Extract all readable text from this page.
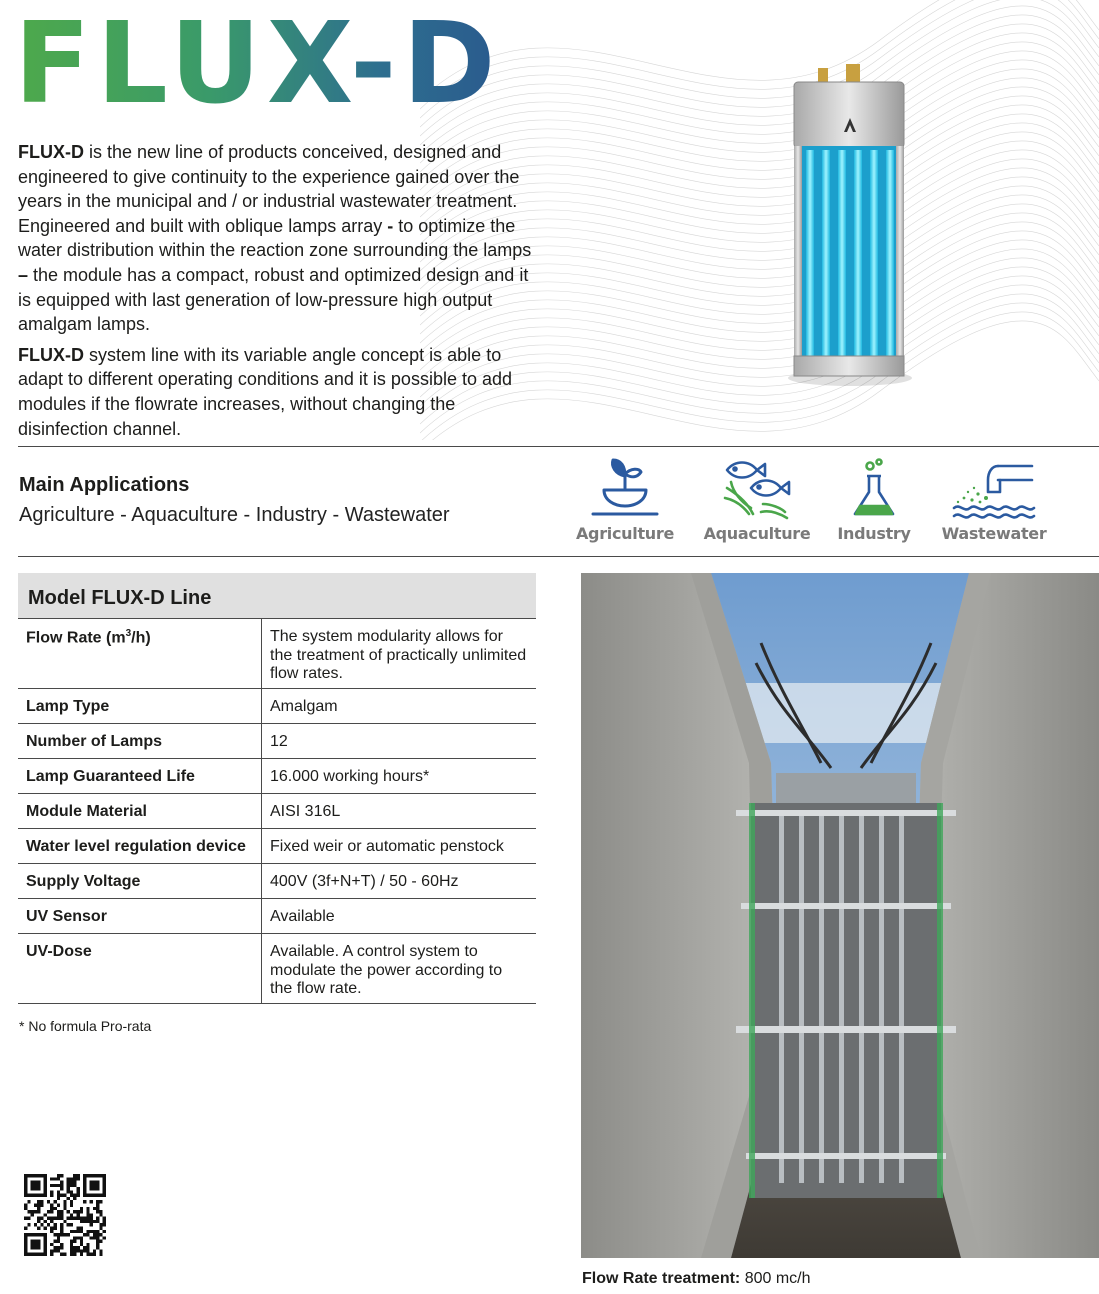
FLUX-D

FLUX-D is the new line of products conceived, designed and engineered to give continuity to the experience gained over the years in the municipal and / or industrial wastewater treatment. Engineered and built with oblique lamps array - to optimize the water distribution within the reaction zone surrounding the lamps – the module has a compact, robust and optimized design and it is equipped with last generation of low-pressure high output amalgam lamps.

FLUX-D system line with its variable angle concept is able to adapt to different operating conditions and it is possible to add modules if the flowrate increases, without changing the disinfection channel.

Main Applications
Agriculture - Aquaculture - Industry - Wastewater
Agriculture	Aquaculture	Industry	Wastewater
Model FLUX-D Line
Flow Rate $(m^3/h)$	The system modularity allows for the treatment of practically unlimited flow rates.
Lamp Type	Amalgam
Number of Lamps	12
Lamp Guaranteed Life	16.000 working hours*
Module Material	AISI 316L
Water level regulation device	Fixed weir or automatic penstock
Supply Voltage	400V (3f+N+T) / 50 - 60Hz
UV Sensor	Available
UV-Dose	Available. A control system to modulate the power according to the flow rate.
* No formula Pro-rata
Flow Rate treatment: 800 mc/h
